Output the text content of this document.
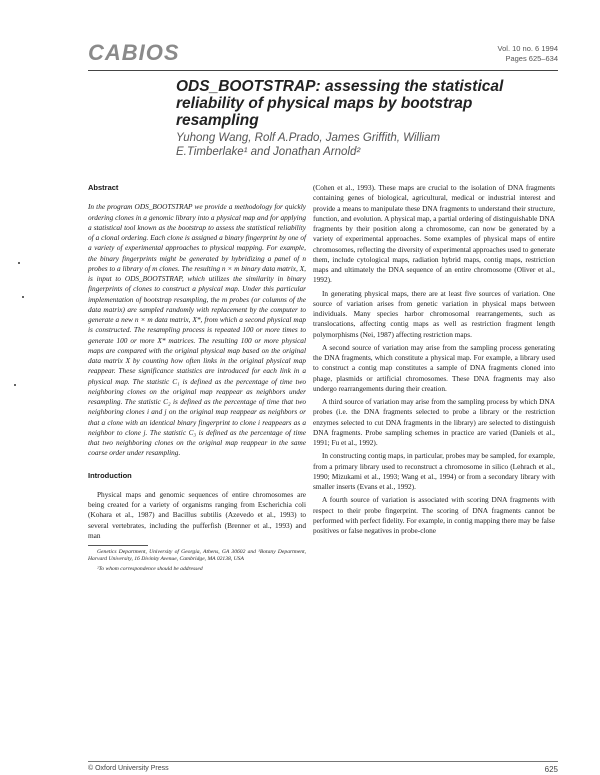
CABIOS	Vol. 10 no. 6 1994
Pages 625–634
ODS_BOOTSTRAP: assessing the statistical reliability of physical maps by bootstrap resampling
Yuhong Wang, Rolf A.Prado, James Griffith, William E.Timberlake¹ and Jonathan Arnold²
Abstract

In the program ODS_BOOTSTRAP we provide a methodology for quickly ordering clones in a genomic library into a physical map and for applying a statistical tool known as the bootstrap to assess the statistical reliability of a clonal ordering. Each clone is assigned a binary fingerprint by one of a variety of experimental approaches to physical mapping. For example, the binary fingerprints might be generated by hybridizing a panel of n probes to a library of m clones. The resulting n × m binary data matrix, X, is input to ODS_BOOTSTRAP, which utilizes the similarity in binary fingerprints of clones to construct a physical map. Under this particular implementation of bootstrap resampling, the m probes (or columns of the data matrix) are sampled randomly with replacement by the computer to generate a new n × m data matrix, X*, from which a second physical map is constructed. The resampling process is repeated 100 or more times to generate 100 or more X* matrices. The resulting 100 or more physical maps are compared with the original physical map based on the original data matrix X by counting how often links in the original physical map reappear. These significance statistics are introduced for each link in a physical map. The statistic C₁ is defined as the percentage of time two neighboring clones on the original map reappear as neighbors under resampling. The statistic C₂ is defined as the percentage of time that two neighboring clones i and j on the original map reappear as neighbors or that a clone with an identical binary fingerprint to clone i reappears as a neighbor to clone j. The statistic C₃ is defined as the percentage of time that two neighboring clones on the original map reappear in the same coarse order under resampling.

Introduction

Physical maps and genomic sequences of entire chromosomes are being created for a variety of organisms ranging from Escherichia coli (Kohara et al., 1987) and Bacillus subtilis (Azevedo et al., 1993) to several vertebrates, including the pufferfish (Brenner et al., 1993) and man

Genetics Department, University of Georgia, Athens, GA 30602 and ¹Botany Department, Harvard University, 16 Divinity Avenue, Cambridge, MA 02138, USA

²To whom correspondence should be addressed

(Cohen et al., 1993). These maps are crucial to the isolation of DNA fragments containing genes of biological, agricultural, medical or industrial interest and provide a means to manipulate these DNA fragments to understand their structure, function, and evolution. A physical map, a partial ordering of distinguishable DNA fragments by their position along a chromosome, can now be generated by a variety of experimental approaches. Some examples of physical maps of entire chromosomes, reflecting the diversity of experimental approaches used to generate them, include cytological maps, radiation hybrid maps, contig maps, restriction maps and ultimately the DNA sequence of an entire chromosome (Oliver et al., 1992).

In generating physical maps, there are at least five sources of variation. One source of variation arises from genetic variation in physical maps between individuals. Many species harbor chromosomal rearrangements, such as translocations, affecting contig maps as well as restriction fragment length polymorphisms (Nei, 1987) affecting restriction maps.

A second source of variation may arise from the sampling process generating the DNA fragments, which constitute a physical map. For example, a library used to construct a contig map constitutes a sample of DNA fragments cloned into phage, plasmids or artificial chromosomes. These DNA fragments may also undergo rearrangements during their creation.

A third source of variation may arise from the sampling process by which DNA probes (i.e. the DNA fragments selected to probe a library or the restriction enzymes selected to cut DNA fragments in the library) are selected to distinguish DNA fragments. Probe sampling schemes in practice are varied (Daniels et al., 1991; Fu et al., 1992).

In constructing contig maps, in particular, probes may be sampled, for example, from a primary library used to reconstruct a chromosome in silico (Lehrach et al., 1990; Mizukami et al., 1993; Wang et al., 1994) or from a secondary library with smaller inserts (Evans et al., 1992).

A fourth source of variation is associated with scoring DNA fragments with respect to their probe fingerprint. The scoring of DNA fragments cannot be performed with perfect fidelity. For example, in contig mapping there may be false positives or false negatives in probe-clone

© Oxford University Press	625
